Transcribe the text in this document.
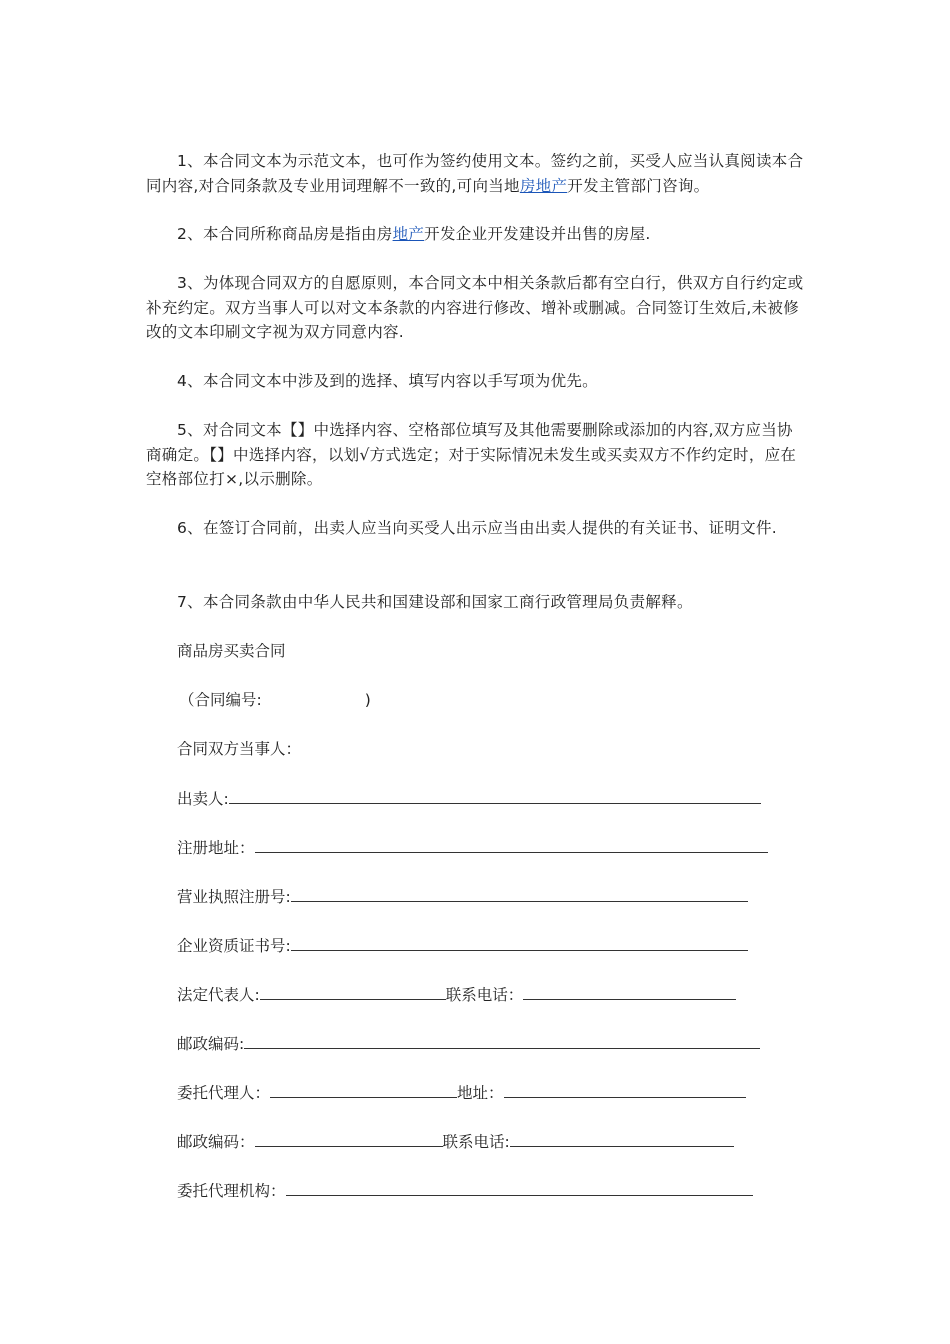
1、本合同文本为示范文本，也可作为签约使用文本。签约之前，买受人应当认真阅读本合同内容,对合同条款及专业用词理解不一致的,可向当地房地产开发主管部门咨询。

2、本合同所称商品房是指由房地产开发企业开发建设并出售的房屋.

3、为体现合同双方的自愿原则，本合同文本中相关条款后都有空白行，供双方自行约定或补充约定。双方当事人可以对文本条款的内容进行修改、增补或删减。合同签订生效后,未被修改的文本印刷文字视为双方同意内容.

4、本合同文本中涉及到的选择、填写内容以手写项为优先。

5、对合同文本【】中选择内容、空格部位填写及其他需要删除或添加的内容,双方应当协商确定。【】中选择内容，以划√方式选定；对于实际情况未发生或买卖双方不作约定时，应在空格部位打×,以示删除。

6、在签订合同前，出卖人应当向买受人出示应当由出卖人提供的有关证书、证明文件.

7、本合同条款由中华人民共和国建设部和国家工商行政管理局负责解释。

商品房买卖合同
（合同编号:	)
合同双方当事人：
出卖人:
注册地址：
营业执照注册号:
企业资质证书号:
法定代表人:	联系电话：
邮政编码:
委托代理人：	地址：
邮政编码：	联系电话:
委托代理机构：
